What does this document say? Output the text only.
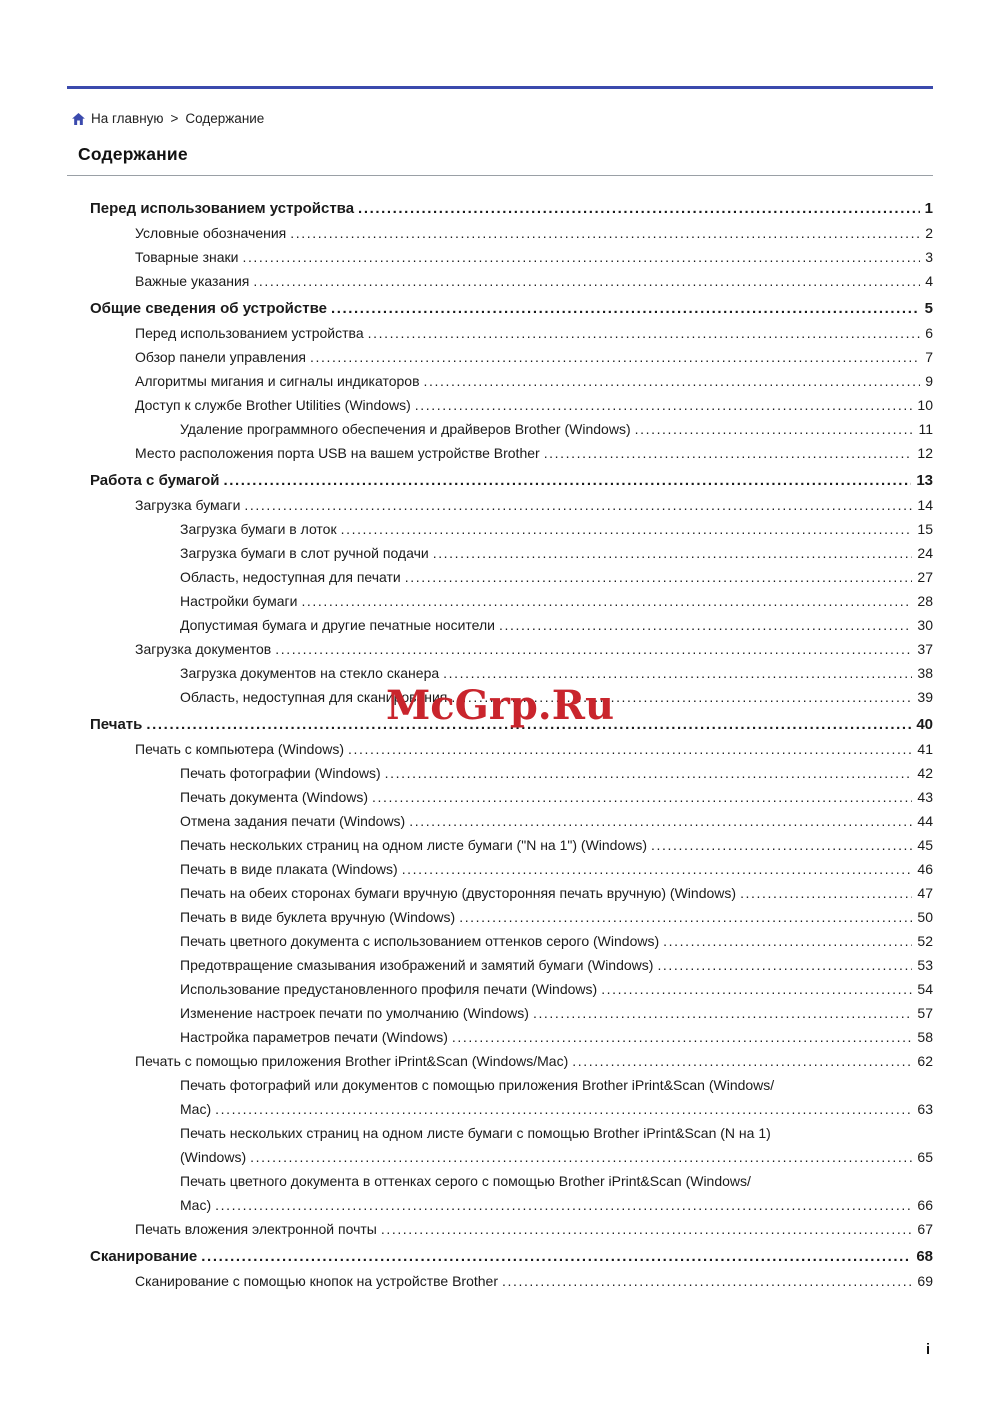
На главную > Содержание
Содержание
Перед использованием устройства .....	1
Условные обозначения .....	2
Товарные знаки .....	3
Важные указания .....	4
Общие сведения об устройстве .....	5
Перед использованием устройства .....	6
Обзор панели управления .....	7
Алгоритмы мигания и сигналы индикаторов .....	9
Доступ к службе Brother Utilities (Windows) .....	10
Удаление программного обеспечения и драйверов Brother (Windows) .....	11
Место расположения порта USB на вашем устройстве Brother .....	12
Работа с бумагой .....	13
Загрузка бумаги .....	14
Загрузка бумаги в лоток .....	15
Загрузка бумаги в слот ручной подачи .....	24
Область, недоступная для печати .....	27
Настройки бумаги .....	28
Допустимая бумага и другие печатные носители .....	30
Загрузка документов .....	37
Загрузка документов на стекло сканера .....	38
Область, недоступная для сканирования .....	39
Печать .....	40
Печать с компьютера (Windows) .....	41
Печать фотографии (Windows) .....	42
Печать документа (Windows) .....	43
Отмена задания печати (Windows) .....	44
Печать нескольких страниц на одном листе бумаги ("N на 1") (Windows) .....	45
Печать в виде плаката (Windows) .....	46
Печать на обеих сторонах бумаги вручную (двусторонняя печать вручную) (Windows) .....	47
Печать в виде буклета вручную (Windows) .....	50
Печать цветного документа с использованием оттенков серого (Windows) .....	52
Предотвращение смазывания изображений и замятий бумаги (Windows) .....	53
Использование предустановленного профиля печати (Windows) .....	54
Изменение настроек печати по умолчанию (Windows) .....	57
Настройка параметров печати (Windows) .....	58
Печать с помощью приложения Brother iPrint&Scan (Windows/Mac) .....	62
Печать фотографий или документов с помощью приложения Brother iPrint&Scan (Windows/
Mac) .....	63
Печать нескольких страниц на одном листе бумаги с помощью Brother iPrint&Scan (N на 1)
(Windows) .....	65
Печать цветного документа в оттенках серого с помощью Brother iPrint&Scan (Windows/
Mac) .....	66
Печать вложения электронной почты .....	67
Сканирование .....	68
Сканирование с помощью кнопок на устройстве Brother .....	69
McGrp.Ru
i
